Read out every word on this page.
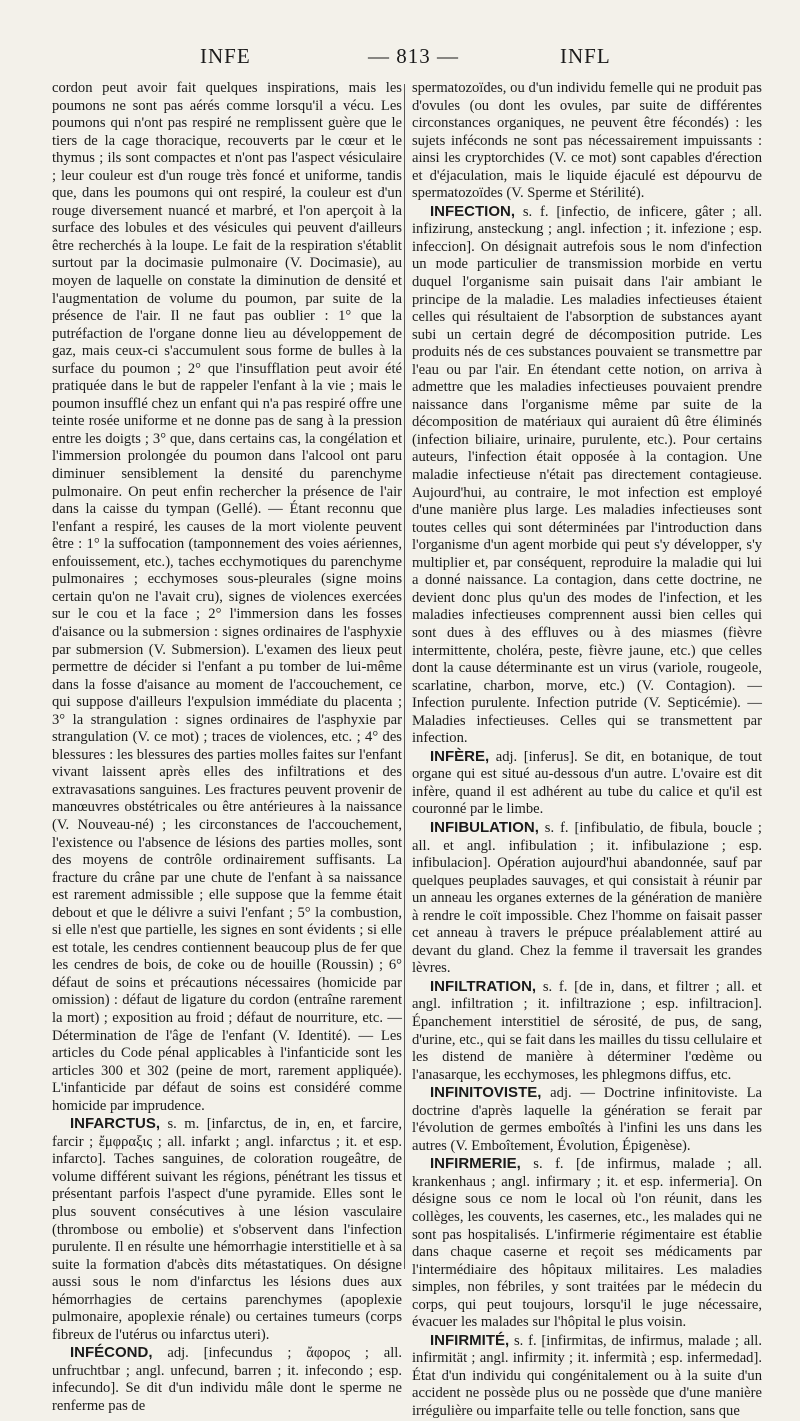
INFE	— 813 —	INFL

cordon peut avoir fait quelques inspirations, mais les poumons ne sont pas aérés comme lorsqu'il a vécu. Les poumons qui n'ont pas respiré ne remplissent guère que le tiers de la cage thoracique, recouverts par le cœur et le thymus ; ils sont compactes et n'ont pas l'aspect vésiculaire ; leur couleur est d'un rouge très foncé et uniforme, tandis que, dans les poumons qui ont respiré, la couleur est d'un rouge diversement nuancé et marbré, et l'on aperçoit à la surface des lobules et des vésicules qui peuvent d'ailleurs être recherchés à la loupe. Le fait de la respiration s'établit surtout par la docimasie pulmonaire (V. Docimasie), au moyen de laquelle on constate la diminution de densité et l'augmentation de volume du poumon, par suite de la présence de l'air. Il ne faut pas oublier : 1° que la putréfaction de l'organe donne lieu au développement de gaz, mais ceux-ci s'accumulent sous forme de bulles à la surface du poumon ; 2° que l'insufflation peut avoir été pratiquée dans le but de rappeler l'enfant à la vie ; mais le poumon insufflé chez un enfant qui n'a pas respiré offre une teinte rosée uniforme et ne donne pas de sang à la pression entre les doigts ; 3° que, dans certains cas, la congélation et l'immersion prolongée du poumon dans l'alcool ont paru diminuer sensiblement la densité du parenchyme pulmonaire. On peut enfin rechercher la présence de l'air dans la caisse du tympan (Gellé). — Étant reconnu que l'enfant a respiré, les causes de la mort violente peuvent être : 1° la suffocation (tamponnement des voies aériennes, enfouissement, etc.), taches ecchymotiques du parenchyme pulmonaires ; ecchymoses sous-pleurales (signe moins certain qu'on ne l'avait cru), signes de violences exercées sur le cou et la face ; 2° l'immersion dans les fosses d'aisance ou la submersion : signes ordinaires de l'asphyxie par submersion (V. Submersion). L'examen des lieux peut permettre de décider si l'enfant a pu tomber de lui-même dans la fosse d'aisance au moment de l'accouchement, ce qui suppose d'ailleurs l'expulsion immédiate du placenta ; 3° la strangulation : signes ordinaires de l'asphyxie par strangulation (V. ce mot) ; traces de violences, etc. ; 4° des blessures : les blessures des parties molles faites sur l'enfant vivant laissent après elles des infiltrations et des extravasations sanguines. Les fractures peuvent provenir de manœuvres obstétricales ou être antérieures à la naissance (V. Nouveau-né) ; les circonstances de l'accouchement, l'existence ou l'absence de lésions des parties molles, sont des moyens de contrôle ordinairement suffisants. La fracture du crâne par une chute de l'enfant à sa naissance est rarement admissible ; elle suppose que la femme était debout et que le délivre a suivi l'enfant ; 5° la combustion, si elle n'est que partielle, les signes en sont évidents ; si elle est totale, les cendres contiennent beaucoup plus de fer que les cendres de bois, de coke ou de houille (Roussin) ; 6° défaut de soins et précautions nécessaires (homicide par omission) : défaut de ligature du cordon (entraîne rarement la mort) ; exposition au froid ; défaut de nourriture, etc. — Détermination de l'âge de l'enfant (V. Identité). — Les articles du Code pénal applicables à l'infanticide sont les articles 300 et 302 (peine de mort, rarement appliquée). L'infanticide par défaut de soins est considéré comme homicide par imprudence.

INFARCTUS, s. m. [infarctus, de in, en, et farcire, farcir ; ἔμφραξις ; all. infarkt ; angl. infarctus ; it. et esp. infarcto]. Taches sanguines, de coloration rougeâtre, de volume différent suivant les régions, pénétrant les tissus et présentant parfois l'aspect d'une pyramide. Elles sont le plus souvent consécutives à une lésion vasculaire (thrombose ou embolie) et s'observent dans l'infection purulente. Il en résulte une hémorrhagie interstitielle et à sa suite la formation d'abcès dits métastatiques. On désigne aussi sous le nom d'infarctus les lésions dues aux hémorrhagies de certains parenchymes (apoplexie pulmonaire, apoplexie rénale) ou certaines tumeurs (corps fibreux de l'utérus ou infarctus uteri).

INFÉCOND, adj. [infecundus ; ἄφορος ; all. unfruchtbar ; angl. unfecund, barren ; it. infecondo ; esp. infecundo]. Se dit d'un individu mâle dont le sperme ne renferme pas de

spermatozoïdes, ou d'un individu femelle qui ne produit pas d'ovules (ou dont les ovules, par suite de différentes circonstances organiques, ne peuvent être fécondés) : les sujets inféconds ne sont pas nécessairement impuissants : ainsi les cryptorchides (V. ce mot) sont capables d'érection et d'éjaculation, mais le liquide éjaculé est dépourvu de spermatozoïdes (V. Sperme et Stérilité).

INFECTION, s. f. [infectio, de inficere, gâter ; all. infizirung, ansteckung ; angl. infection ; it. infezione ; esp. infeccion]. On désignait autrefois sous le nom d'infection un mode particulier de transmission morbide en vertu duquel l'organisme sain puisait dans l'air ambiant le principe de la maladie. Les maladies infectieuses étaient celles qui résultaient de l'absorption de substances ayant subi un certain degré de décomposition putride. Les produits nés de ces substances pouvaient se transmettre par l'eau ou par l'air. En étendant cette notion, on arriva à admettre que les maladies infectieuses pouvaient prendre naissance dans l'organisme même par suite de la décomposition de matériaux qui auraient dû être éliminés (infection biliaire, urinaire, purulente, etc.). Pour certains auteurs, l'infection était opposée à la contagion. Une maladie infectieuse n'était pas directement contagieuse. Aujourd'hui, au contraire, le mot infection est employé d'une manière plus large. Les maladies infectieuses sont toutes celles qui sont déterminées par l'introduction dans l'organisme d'un agent morbide qui peut s'y développer, s'y multiplier et, par conséquent, reproduire la maladie qui lui a donné naissance. La contagion, dans cette doctrine, ne devient donc plus qu'un des modes de l'infection, et les maladies infectieuses comprennent aussi bien celles qui sont dues à des effluves ou à des miasmes (fièvre intermittente, choléra, peste, fièvre jaune, etc.) que celles dont la cause déterminante est un virus (variole, rougeole, scarlatine, charbon, morve, etc.) (V. Contagion). — Infection purulente. Infection putride (V. Septicémie). — Maladies infectieuses. Celles qui se transmettent par infection.

INFÈRE, adj. [inferus]. Se dit, en botanique, de tout organe qui est situé au-dessous d'un autre. L'ovaire est dit infère, quand il est adhérent au tube du calice et qu'il est couronné par le limbe.

INFIBULATION, s. f. [infibulatio, de fibula, boucle ; all. et angl. infibulation ; it. infibulazione ; esp. infibulacion]. Opération aujourd'hui abandonnée, sauf par quelques peuplades sauvages, et qui consistait à réunir par un anneau les organes externes de la génération de manière à rendre le coït impossible. Chez l'homme on faisait passer cet anneau à travers le prépuce préalablement attiré au devant du gland. Chez la femme il traversait les grandes lèvres.

INFILTRATION, s. f. [de in, dans, et filtrer ; all. et angl. infiltration ; it. infiltrazione ; esp. infiltracion]. Épanchement interstitiel de sérosité, de pus, de sang, d'urine, etc., qui se fait dans les mailles du tissu cellulaire et les distend de manière à déterminer l'œdème ou l'anasarque, les ecchymoses, les phlegmons diffus, etc.

INFINITOVISTE, adj. — Doctrine infinitoviste. La doctrine d'après laquelle la génération se ferait par l'évolution de germes emboîtés à l'infini les uns dans les autres (V. Emboîtement, Évolution, Épigenèse).

INFIRMERIE, s. f. [de infirmus, malade ; all. krankenhaus ; angl. infirmary ; it. et esp. infermeria]. On désigne sous ce nom le local où l'on réunit, dans les collèges, les couvents, les casernes, etc., les malades qui ne sont pas hospitalisés. L'infirmerie régimentaire est établie dans chaque caserne et reçoit ses médicaments par l'intermédiaire des hôpitaux militaires. Les maladies simples, non fébriles, y sont traitées par le médecin du corps, qui peut toujours, lorsqu'il le juge nécessaire, évacuer les malades sur l'hôpital le plus voisin.

INFIRMITÉ, s. f. [infirmitas, de infirmus, malade ; all. infirmität ; angl. infirmity ; it. infermità ; esp. infermedad]. État d'un individu qui congénitalement ou à la suite d'un accident ne possède plus ou ne possède que d'une manière irrégulière ou imparfaite telle ou telle fonction, sans que
